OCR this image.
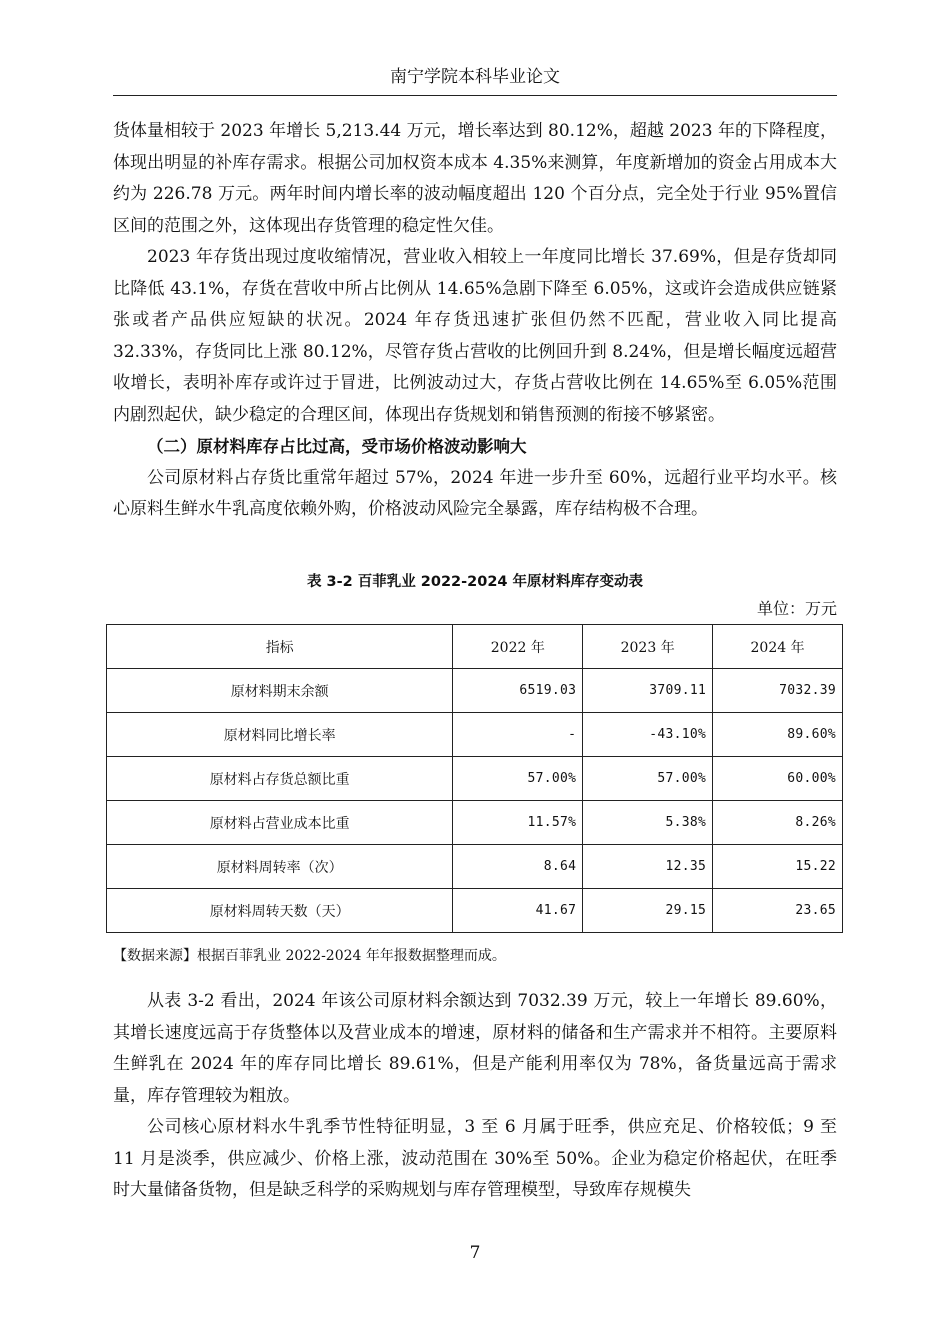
南宁学院本科毕业论文

货体量相较于 2023 年增长 5,213.44 万元，增长率达到 80.12%，超越 2023 年的下降程度，体现出明显的补库存需求。根据公司加权资本成本 4.35%来测算，年度新增加的资金占用成本大约为 226.78 万元。两年时间内增长率的波动幅度超出 120 个百分点，完全处于行业 95%置信区间的范围之外，这体现出存货管理的稳定性欠佳。

2023 年存货出现过度收缩情况，营业收入相较上一年度同比增长 37.69%，但是存货却同比降低 43.1%，存货在营收中所占比例从 14.65%急剧下降至 6.05%，这或许会造成供应链紧张或者产品供应短缺的状况。2024 年存货迅速扩张但仍然不匹配，营业收入同比提高 32.33%，存货同比上涨 80.12%，尽管存货占营收的比例回升到 8.24%，但是增长幅度远超营收增长，表明补库存或许过于冒进，比例波动过大，存货占营收比例在 14.65%至 6.05%范围内剧烈起伏，缺少稳定的合理区间，体现出存货规划和销售预测的衔接不够紧密。

（二）原材料库存占比过高，受市场价格波动影响大

公司原材料占存货比重常年超过 57%，2024 年进一步升至 60%，远超行业平均水平。核心原料生鲜水牛乳高度依赖外购，价格波动风险完全暴露，库存结构极不合理。

表 3-2 百菲乳业 2022-2024 年原材料库存变动表
单位：万元
指标	2022 年	2023 年	2024 年
原材料期末余额	6519.03	3709.11	7032.39
原材料同比增长率	-	-43.10%	89.60%
原材料占存货总额比重	57.00%	57.00%	60.00%
原材料占营业成本比重	11.57%	5.38%	8.26%
原材料周转率（次）	8.64	12.35	15.22
原材料周转天数（天）	41.67	29.15	23.65
【数据来源】根据百菲乳业 2022-2024 年年报数据整理而成。

从表 3-2 看出，2024 年该公司原材料余额达到 7032.39 万元，较上一年增长 89.60%，其增长速度远高于存货整体以及营业成本的增速，原材料的储备和生产需求并不相符。主要原料生鲜乳在 2024 年的库存同比增长 89.61%，但是产能利用率仅为 78%，备货量远高于需求量，库存管理较为粗放。

公司核心原材料水牛乳季节性特征明显，3 至 6 月属于旺季，供应充足、价格较低；9 至 11 月是淡季，供应减少、价格上涨，波动范围在 30%至 50%。企业为稳定价格起伏，在旺季时大量储备货物，但是缺乏科学的采购规划与库存管理模型，导致库存规模失

7
